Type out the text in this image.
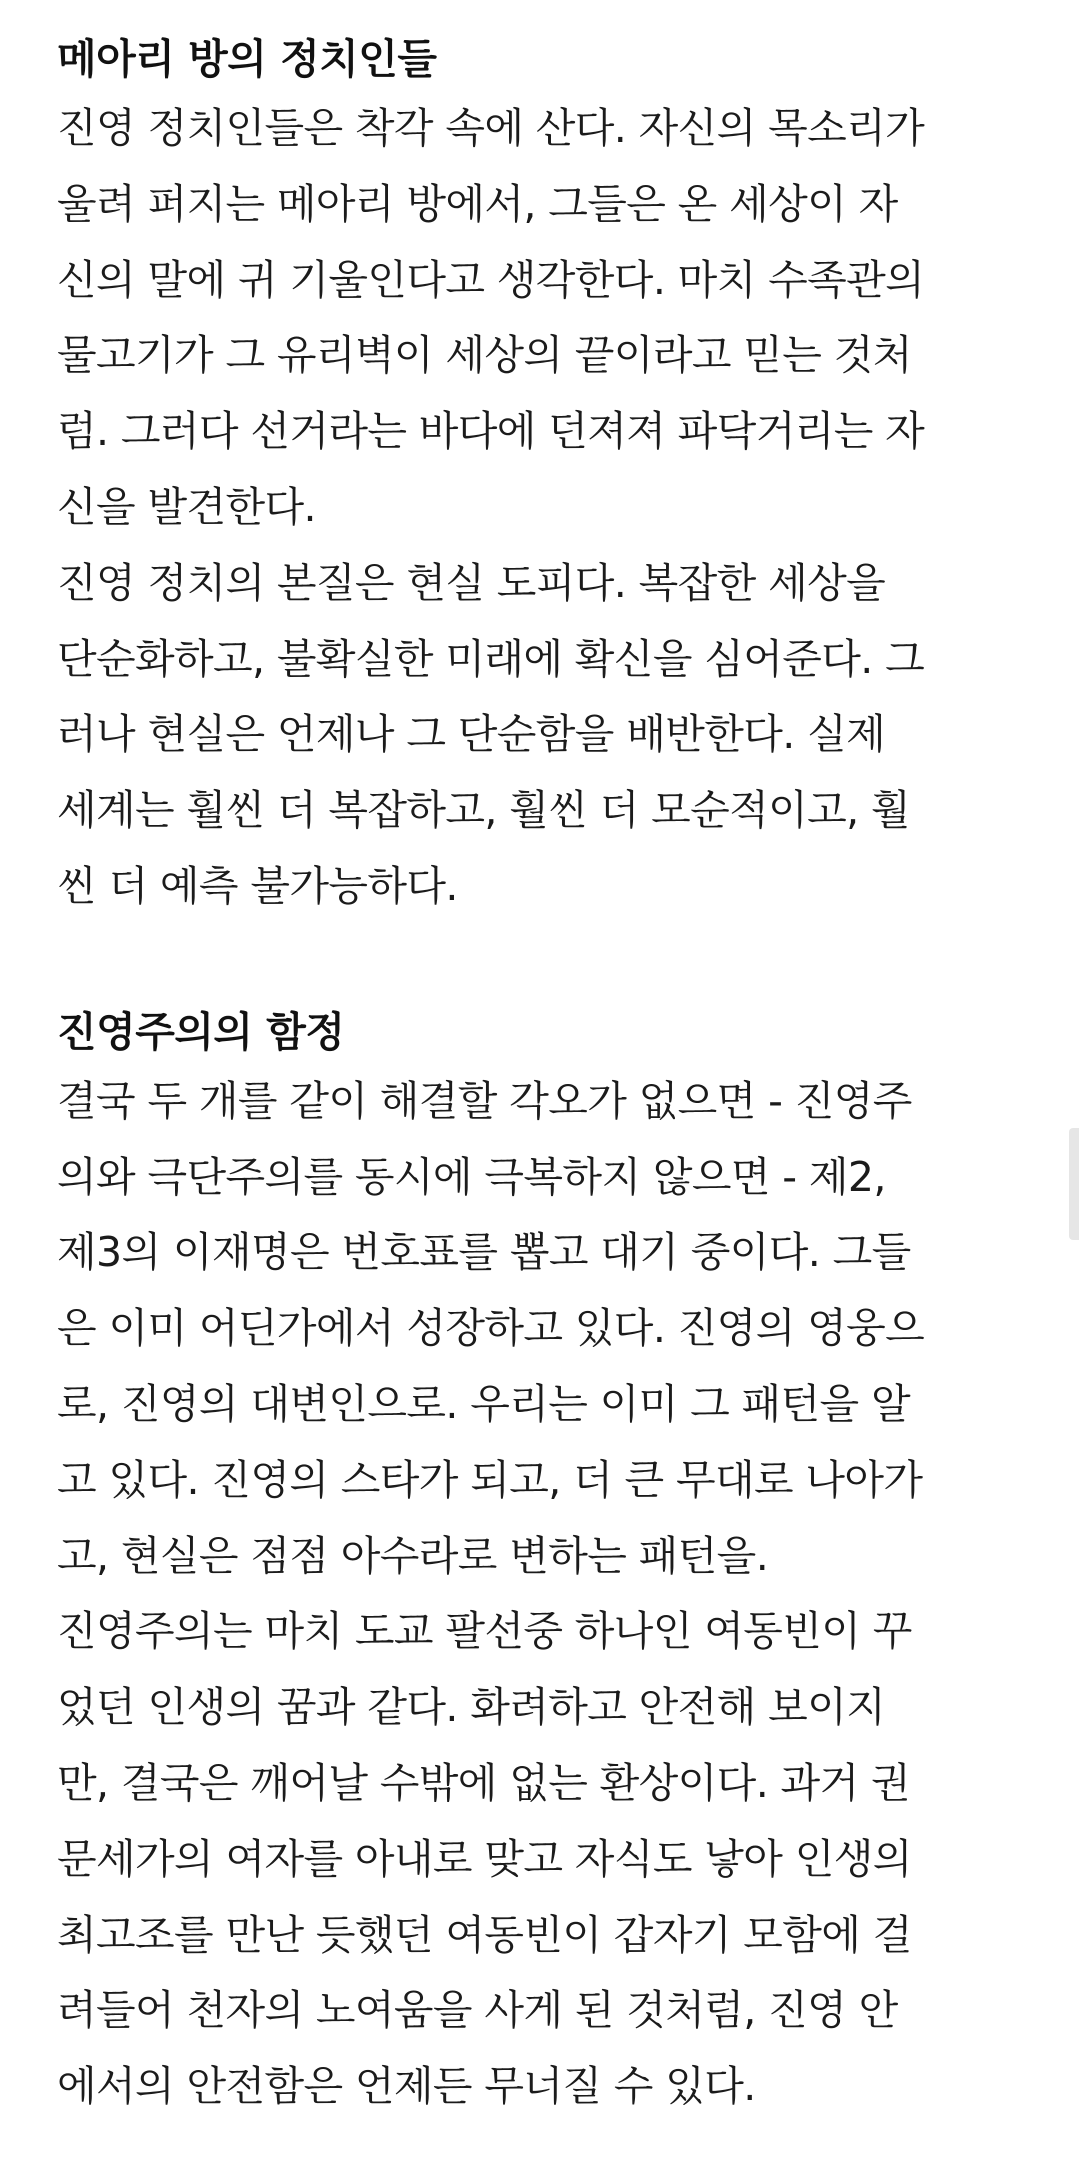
메아리 방의 정치인들

진영 정치인들은 착각 속에 산다. 자신의 목소리가
울려 퍼지는 메아리 방에서, 그들은 온 세상이 자
신의 말에 귀 기울인다고 생각한다. 마치 수족관의
물고기가 그 유리벽이 세상의 끝이라고 믿는 것처
럼. 그러다 선거라는 바다에 던져져 파닥거리는 자
신을 발견한다.

진영 정치의 본질은 현실 도피다. 복잡한 세상을
단순화하고, 불확실한 미래에 확신을 심어준다. 그
러나 현실은 언제나 그 단순함을 배반한다. 실제
세계는 훨씬 더 복잡하고, 훨씬 더 모순적이고, 훨
씬 더 예측 불가능하다.

진영주의의 함정

결국 두 개를 같이 해결할 각오가 없으면 - 진영주
의와 극단주의를 동시에 극복하지 않으면 - 제2,
제3의 이재명은 번호표를 뽑고 대기 중이다. 그들
은 이미 어딘가에서 성장하고 있다. 진영의 영웅으
로, 진영의 대변인으로. 우리는 이미 그 패턴을 알
고 있다. 진영의 스타가 되고, 더 큰 무대로 나아가
고, 현실은 점점 아수라로 변하는 패턴을.

진영주의는 마치 도교 팔선중 하나인 여동빈이 꾸
었던 인생의 꿈과 같다. 화려하고 안전해 보이지
만, 결국은 깨어날 수밖에 없는 환상이다. 과거 권
문세가의 여자를 아내로 맞고 자식도 낳아 인생의
최고조를 만난 듯했던 여동빈이 갑자기 모함에 걸
려들어 천자의 노여움을 사게 된 것처럼, 진영 안
에서의 안전함은 언제든 무너질 수 있다.
